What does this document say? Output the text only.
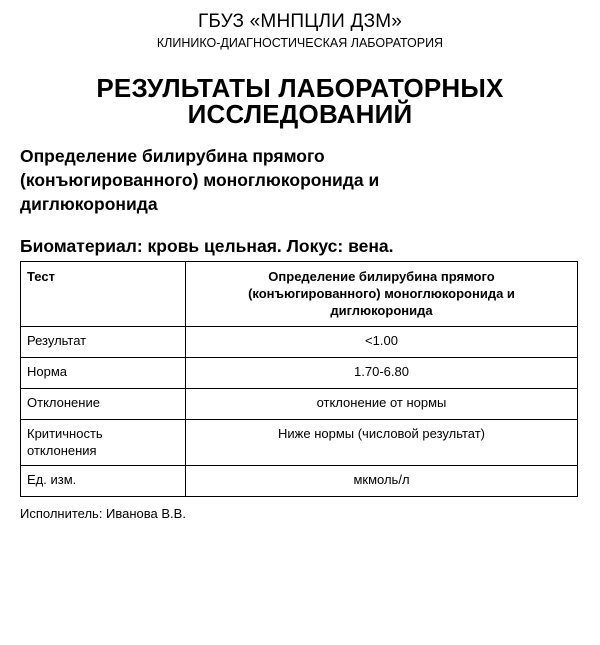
ГБУЗ «МНПЦЛИ ДЗМ»
КЛИНИКО-ДИАГНОСТИЧЕСКАЯ ЛАБОРАТОРИЯ
РЕЗУЛЬТАТЫ ЛАБОРАТОРНЫХ
ИССЛЕДОВАНИЙ
Определение билирубина прямого
(конъюгированного) моноглюкоронида и
диглюкоронида
Биоматериал: кровь цельная. Локус: вена.
Тест	Определение билирубина прямого
(конъюгированного) моноглюкоронида и
диглюкоронида

Результат	<1.00
Норма	1.70-6.80
Отклонение	отклонение от нормы

Критичность
отклонения	Ниже нормы (числовой результат)
Ед. изм.	мкмоль/л
Исполнитель: Иванова В.В.
